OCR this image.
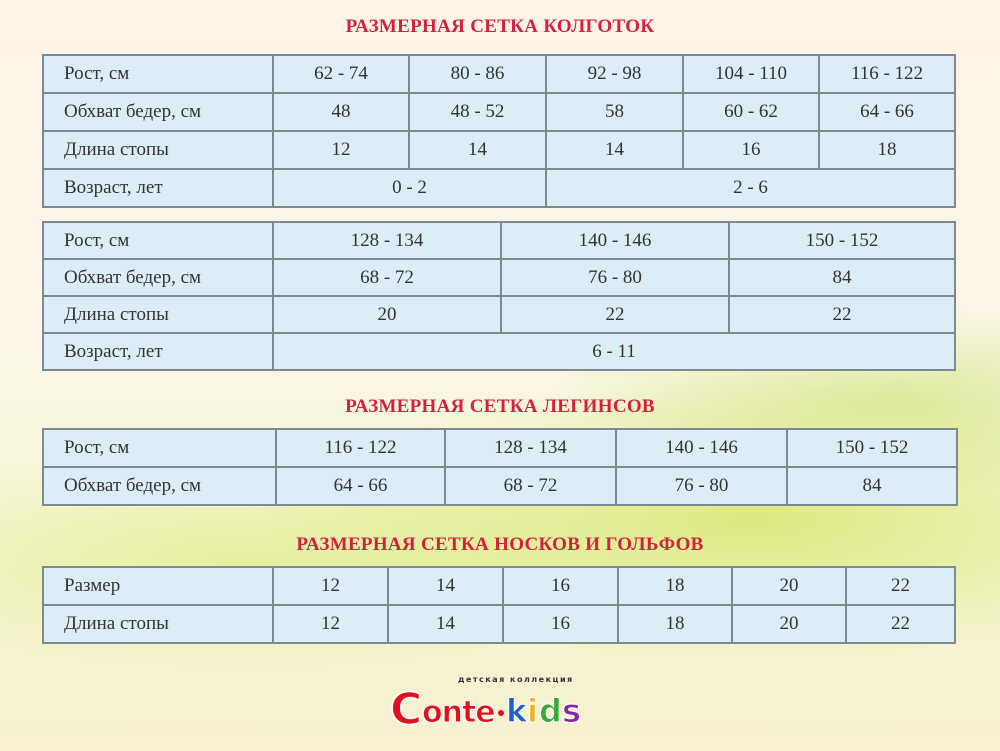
РАЗМЕРНАЯ СЕТКА КОЛГОТОК
Рост, см	62 - 74	80 - 86	92 - 98	104 - 110	116 - 122
Обхват бедер, см	48	48 - 52	58	60 - 62	64 - 66
Длина стопы	12	14	14	16	18
Возраст, лет	0 - 2		2 - 6		
Рост, см	128 - 134	140 - 146	150 - 152
Обхват бедер, см	68 - 72	76 - 80	84
Длина стопы	20	22	22
Возраст, лет	6 - 11		
РАЗМЕРНАЯ СЕТКА ЛЕГИНСОВ
Рост, см	116 - 122	128 - 134	140 - 146	150 - 152
Обхват бедер, см	64 - 66	68 - 72	76 - 80	84
РАЗМЕРНАЯ СЕТКА НОСКОВ И ГОЛЬФОВ
Размер	12	14	16	18	20	22
Длина стопы	12	14	16	18	20	22
детская коллекция
C onte k i d s
